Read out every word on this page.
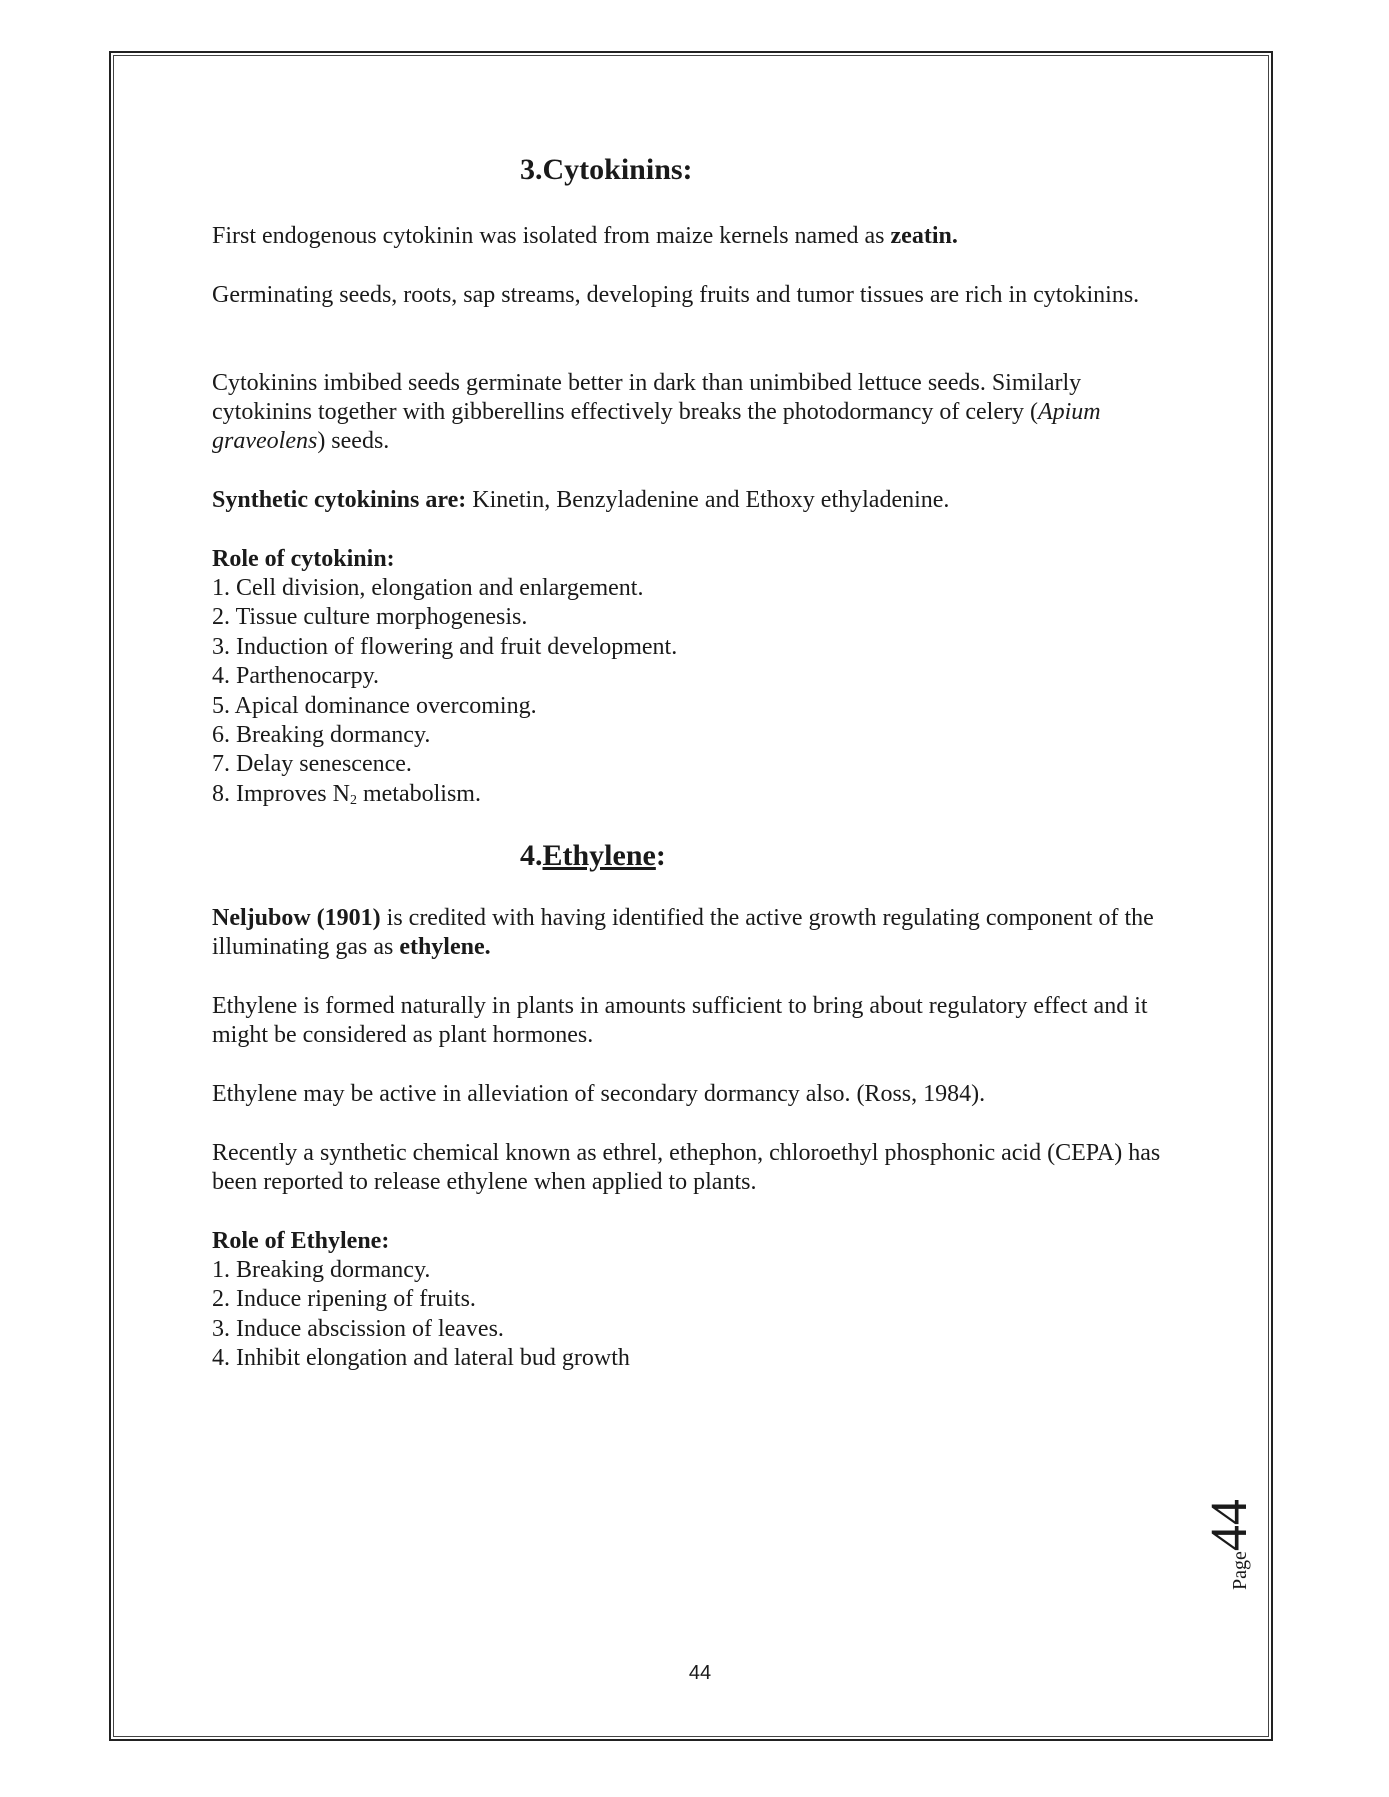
3.Cytokinins:

First endogenous cytokinin was isolated from maize kernels named as zeatin.

Germinating seeds, roots, sap streams, developing fruits and tumor tissues are rich in cytokinins.

Cytokinins imbibed seeds germinate better in dark than unimbibed lettuce seeds. Similarly cytokinins together with gibberellins effectively breaks the photodormancy of celery (Apium graveolens) seeds.

Synthetic cytokinins are: Kinetin, Benzyladenine and Ethoxy ethyladenine.

Role of cytokinin:

1. Cell division, elongation and enlargement.
2. Tissue culture morphogenesis.
3. Induction of flowering and fruit development.
4. Parthenocarpy.
5. Apical dominance overcoming.
6. Breaking dormancy.
7. Delay senescence.
8. Improves $N_2$ metabolism.
4.Ethylene:

Neljubow (1901) is credited with having identified the active growth regulating component of the illuminating gas as ethylene.

Ethylene is formed naturally in plants in amounts sufficient to bring about regulatory effect and it might be considered as plant hormones.

Ethylene may be active in alleviation of secondary dormancy also. (Ross, 1984).

Recently a synthetic chemical known as ethrel, ethephon, chloroethyl phosphonic acid (CEPA) has been reported to release ethylene when applied to plants.

Role of Ethylene:

1. Breaking dormancy.
2. Induce ripening of fruits.
3. Induce abscission of leaves.
4. Inhibit elongation and lateral bud growth
44
Page44
